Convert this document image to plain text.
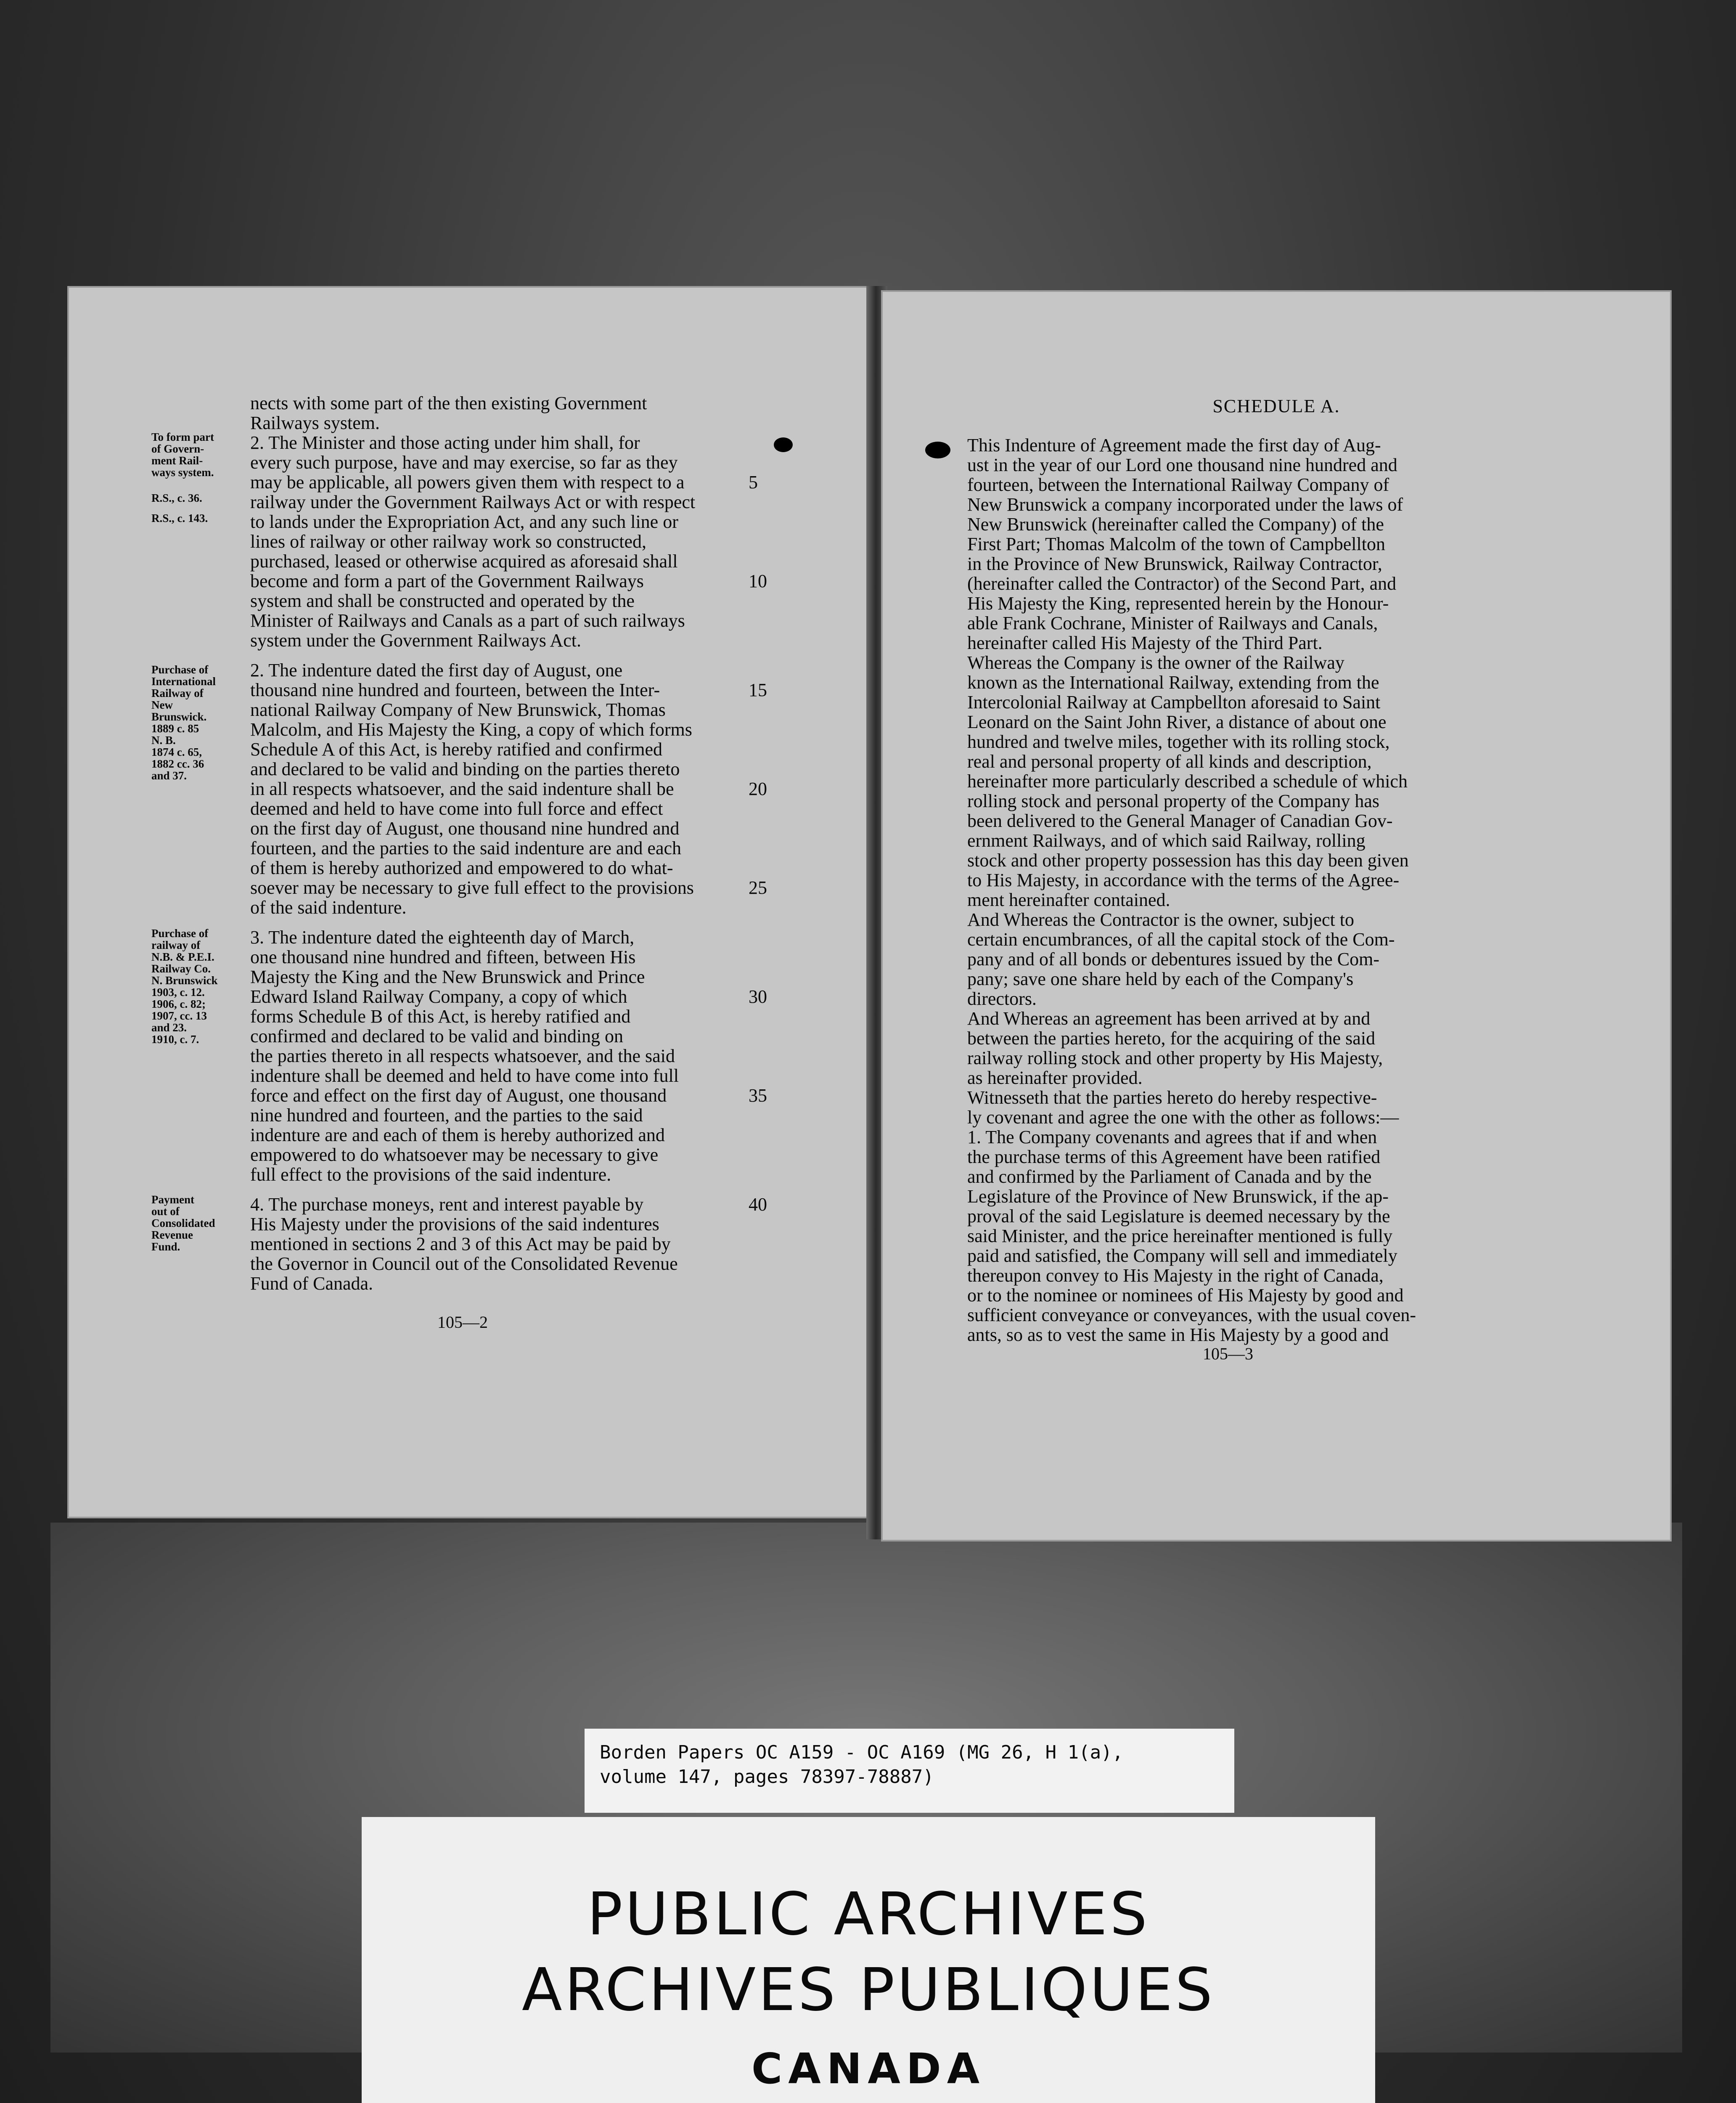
nects with some part of the then existing Government
Railways system.
2. The Minister and those acting under him shall, for
every such purpose, have and may exercise, so far as they
may be applicable, all powers given them with respect to a
railway under the Government Railways Act or with respect
to lands under the Expropriation Act, and any such line or
lines of railway or other railway work so constructed,
purchased, leased or otherwise acquired as aforesaid shall
become and form a part of the Government Railways
system and shall be constructed and operated by the
Minister of Railways and Canals as a part of such railways
system under the Government Railways Act.
2. The indenture dated the first day of August, one
thousand nine hundred and fourteen, between the Inter-
national Railway Company of New Brunswick, Thomas
Malcolm, and His Majesty the King, a copy of which forms
Schedule A of this Act, is hereby ratified and confirmed
and declared to be valid and binding on the parties thereto
in all respects whatsoever, and the said indenture shall be
deemed and held to have come into full force and effect
on the first day of August, one thousand nine hundred and
fourteen, and the parties to the said indenture are and each
of them is hereby authorized and empowered to do what-
soever may be necessary to give full effect to the provisions
of the said indenture.
3. The indenture dated the eighteenth day of March,
one thousand nine hundred and fifteen, between His
Majesty the King and the New Brunswick and Prince
Edward Island Railway Company, a copy of which
forms Schedule B of this Act, is hereby ratified and
confirmed and declared to be valid and binding on
the parties thereto in all respects whatsoever, and the said
indenture shall be deemed and held to have come into full
force and effect on the first day of August, one thousand
nine hundred and fourteen, and the parties to the said
indenture are and each of them is hereby authorized and
empowered to do whatsoever may be necessary to give
full effect to the provisions of the said indenture.
4. The purchase moneys, rent and interest payable by
His Majesty under the provisions of the said indentures
mentioned in sections 2 and 3 of this Act may be paid by
the Governor in Council out of the Consolidated Revenue
Fund of Canada.
To form part
of Govern-
ment Rail-
ways system.
R.S., c. 36.
R.S., c. 143.
Purchase of
International
Railway of
New
Brunswick.
1889 c. 85
N. B.
1874 c. 65,
1882 cc. 36
and 37.
Purchase of
railway of
N.B. & P.E.I.
Railway Co.
N. Brunswick
1903, c. 12.
1906, c. 82;
1907, cc. 13
and 23.
1910, c. 7.
Payment
out of
Consolidated
Revenue
Fund.
5
10
15
20
25
30
35
40
105—2
SCHEDULE A.
This Indenture of Agreement made the first day of Aug-
ust in the year of our Lord one thousand nine hundred and
fourteen, between the International Railway Company of
New Brunswick a company incorporated under the laws of
New Brunswick (hereinafter called the Company) of the
First Part; Thomas Malcolm of the town of Campbellton
in the Province of New Brunswick, Railway Contractor,
(hereinafter called the Contractor) of the Second Part, and
His Majesty the King, represented herein by the Honour-
able Frank Cochrane, Minister of Railways and Canals,
hereinafter called His Majesty of the Third Part.
Whereas the Company is the owner of the Railway
known as the International Railway, extending from the
Intercolonial Railway at Campbellton aforesaid to Saint
Leonard on the Saint John River, a distance of about one
hundred and twelve miles, together with its rolling stock,
real and personal property of all kinds and description,
hereinafter more particularly described a schedule of which
rolling stock and personal property of the Company has
been delivered to the General Manager of Canadian Gov-
ernment Railways, and of which said Railway, rolling
stock and other property possession has this day been given
to His Majesty, in accordance with the terms of the Agree-
ment hereinafter contained.
And Whereas the Contractor is the owner, subject to
certain encumbrances, of all the capital stock of the Com-
pany and of all bonds or debentures issued by the Com-
pany; save one share held by each of the Company's
directors.
And Whereas an agreement has been arrived at by and
between the parties hereto, for the acquiring of the said
railway rolling stock and other property by His Majesty,
as hereinafter provided.
Witnesseth that the parties hereto do hereby respective-
ly covenant and agree the one with the other as follows:—
1. The Company covenants and agrees that if and when
the purchase terms of this Agreement have been ratified
and confirmed by the Parliament of Canada and by the
Legislature of the Province of New Brunswick, if the ap-
proval of the said Legislature is deemed necessary by the
said Minister, and the price hereinafter mentioned is fully
paid and satisfied, the Company will sell and immediately
thereupon convey to His Majesty in the right of Canada,
or to the nominee or nominees of His Majesty by good and
sufficient conveyance or conveyances, with the usual coven-
ants, so as to vest the same in His Majesty by a good and
105—3
Borden Papers OC A159 - OC A169 (MG 26, H 1(a),
volume 147, pages 78397-78887)
PUBLIC ARCHIVES
ARCHIVES PUBLIQUES
CANADA
